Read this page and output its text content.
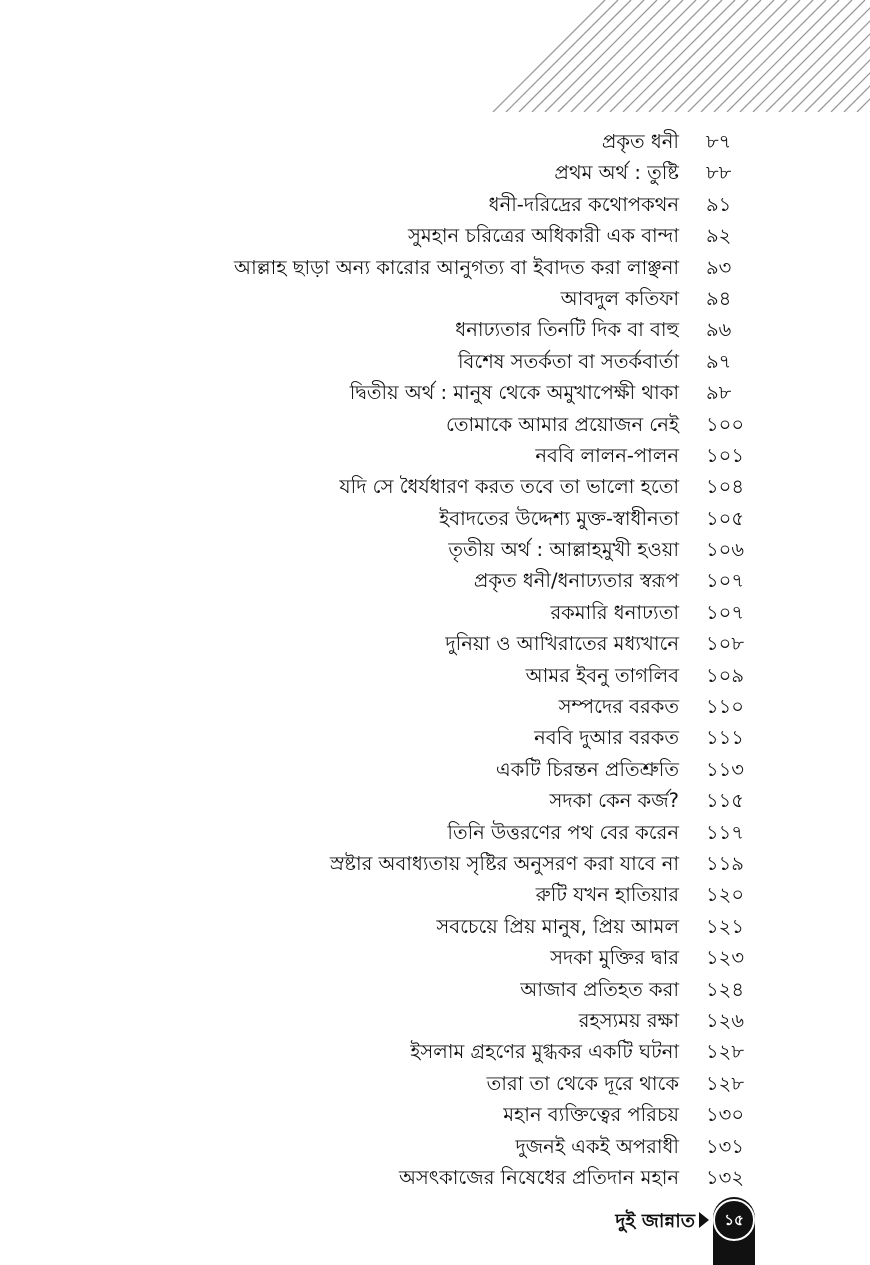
প্রকৃত ধনী ৮৭
প্রথম অর্থ : তুষ্টি ৮৮
ধনী-দরিদ্রের কথোপকথন ৯১
সুমহান চরিত্রের অধিকারী এক বান্দা ৯২
আল্লাহ ছাড়া অন্য কারোর আনুগত্য বা ইবাদত করা লাঞ্ছনা ৯৩
আবদুল কতিফা ৯৪
ধনাঢ্যতার তিনটি দিক বা বাহু ৯৬
বিশেষ সতর্কতা বা সতর্কবার্তা ৯৭
দ্বিতীয় অর্থ : মানুষ থেকে অমুখাপেক্ষী থাকা ৯৮
তোমাকে আমার প্রয়োজন নেই ১০০
নববি লালন-পালন ১০১
যদি সে ধৈর্যধারণ করত তবে তা ভালো হতো ১০৪
ইবাদতের উদ্দেশ্য মুক্ত-স্বাধীনতা ১০৫
তৃতীয় অর্থ : আল্লাহমুখী হওয়া ১০৬
প্রকৃত ধনী/ধনাঢ্যতার স্বরূপ ১০৭
রকমারি ধনাঢ্যতা ১০৭
দুনিয়া ও আখিরাতের মধ্যখানে ১০৮
আমর ইবনু তাগলিব ১০৯
সম্পদের বরকত ১১০
নববি দুআর বরকত ১১১
একটি চিরন্তন প্রতিশ্রুতি ১১৩
সদকা কেন কর্জ? ১১৫
তিনি উত্তরণের পথ বের করেন ১১৭
স্রষ্টার অবাধ্যতায় সৃষ্টির অনুসরণ করা যাবে না ১১৯
রুটি যখন হাতিয়ার ১২০
সবচেয়ে প্রিয় মানুষ, প্রিয় আমল ১২১
সদকা মুক্তির দ্বার ১২৩
আজাব প্রতিহত করা ১২৪
রহস্যময় রক্ষা ১২৬
ইসলাম গ্রহণের মুগ্ধকর একটি ঘটনা ১২৮
তারা তা থেকে দূরে থাকে ১২৮
মহান ব্যক্তিত্বের পরিচয় ১৩০
দুজনই একই অপরাধী ১৩১
অসৎকাজের নিষেধের প্রতিদান মহান ১৩২
দুই জান্নাত	১৫
